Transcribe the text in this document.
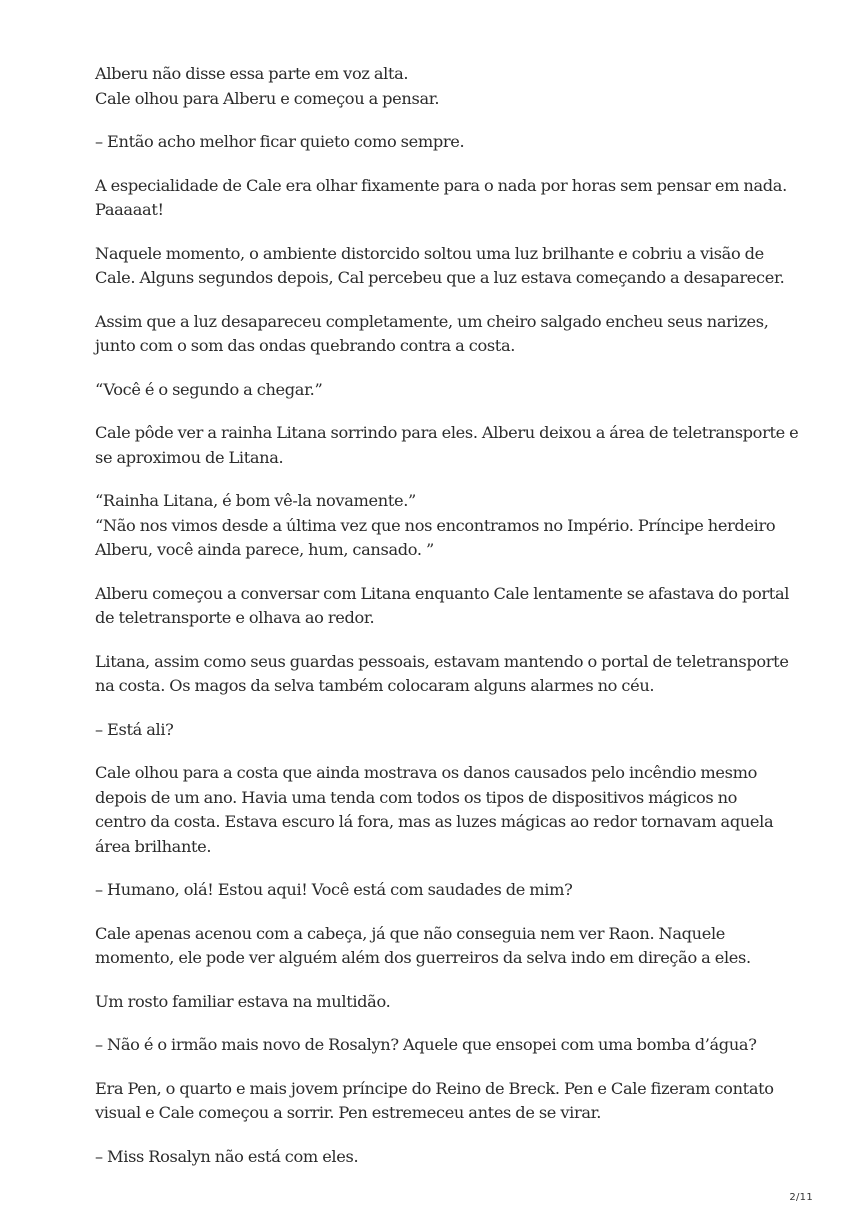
Alberu não disse essa parte em voz alta.
Cale olhou para Alberu e começou a pensar.

– Então acho melhor ficar quieto como sempre.

A especialidade de Cale era olhar fixamente para o nada por horas sem pensar em nada.
Paaaaat!

Naquele momento, o ambiente distorcido soltou uma luz brilhante e cobriu a visão de
Cale. Alguns segundos depois, Cal percebeu que a luz estava começando a desaparecer.

Assim que a luz desapareceu completamente, um cheiro salgado encheu seus narizes,
junto com o som das ondas quebrando contra a costa.

“Você é o segundo a chegar.”

Cale pôde ver a rainha Litana sorrindo para eles. Alberu deixou a área de teletransporte e
se aproximou de Litana.

“Rainha Litana, é bom vê-la novamente.”
“Não nos vimos desde a última vez que nos encontramos no Império. Príncipe herdeiro
Alberu, você ainda parece, hum, cansado. ”

Alberu começou a conversar com Litana enquanto Cale lentamente se afastava do portal
de teletransporte e olhava ao redor.

Litana, assim como seus guardas pessoais, estavam mantendo o portal de teletransporte
na costa. Os magos da selva também colocaram alguns alarmes no céu.

– Está ali?

Cale olhou para a costa que ainda mostrava os danos causados pelo incêndio mesmo
depois de um ano. Havia uma tenda com todos os tipos de dispositivos mágicos no
centro da costa. Estava escuro lá fora, mas as luzes mágicas ao redor tornavam aquela
área brilhante.

– Humano, olá! Estou aqui! Você está com saudades de mim?

Cale apenas acenou com a cabeça, já que não conseguia nem ver Raon. Naquele
momento, ele pode ver alguém além dos guerreiros da selva indo em direção a eles.

Um rosto familiar estava na multidão.

– Não é o irmão mais novo de Rosalyn? Aquele que ensopei com uma bomba d’água?

Era Pen, o quarto e mais jovem príncipe do Reino de Breck. Pen e Cale fizeram contato
visual e Cale começou a sorrir. Pen estremeceu antes de se virar.

– Miss Rosalyn não está com eles.

2/11
